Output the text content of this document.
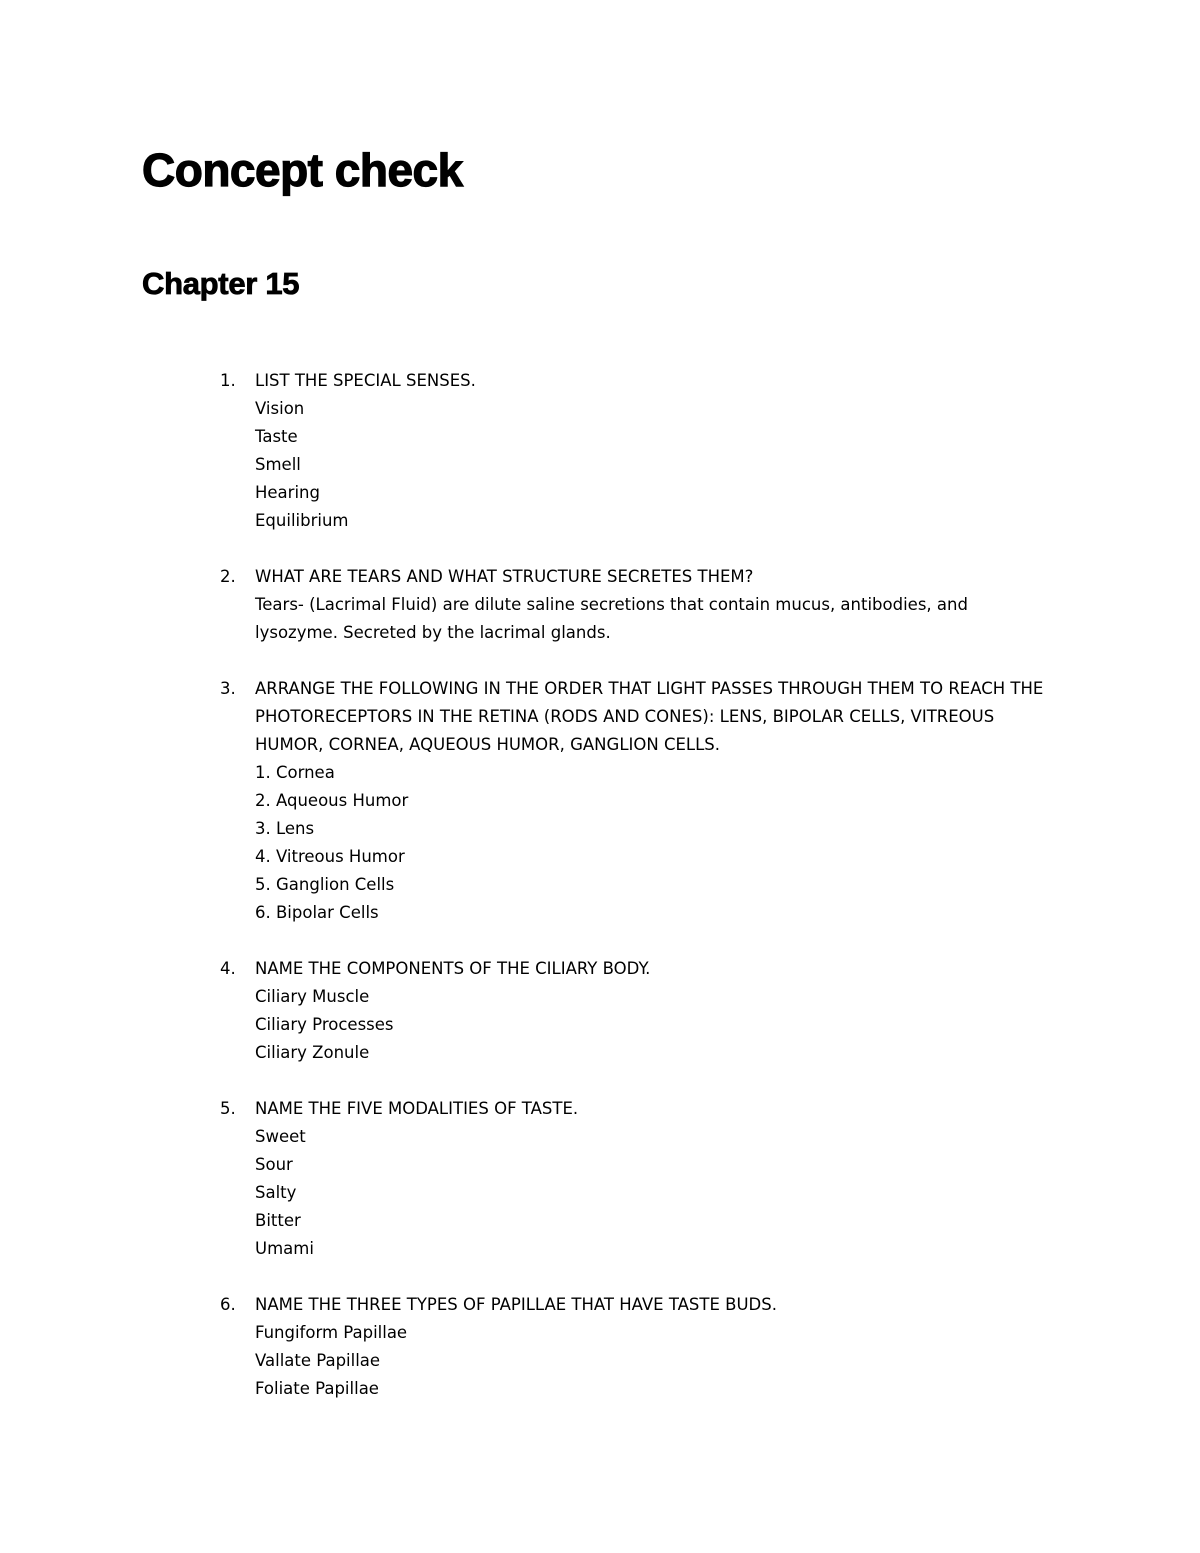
Concept check
Chapter 15
1. LIST THE SPECIAL SENSES.
Vision
Taste
Smell
Hearing
Equilibrium
2. WHAT ARE TEARS AND WHAT STRUCTURE SECRETES THEM?
Tears- (Lacrimal Fluid) are dilute saline secretions that contain mucus, antibodies, and lysozyme. Secreted by the lacrimal glands.
3. ARRANGE THE FOLLOWING IN THE ORDER THAT LIGHT PASSES THROUGH THEM TO REACH THE PHOTORECEPTORS IN THE RETINA (RODS AND CONES): LENS, BIPOLAR CELLS, VITREOUS HUMOR, CORNEA, AQUEOUS HUMOR, GANGLION CELLS.
1. Cornea
2. Aqueous Humor
3. Lens
4. Vitreous Humor
5. Ganglion Cells
6. Bipolar Cells
4. NAME THE COMPONENTS OF THE CILIARY BODY.
Ciliary Muscle
Ciliary Processes
Ciliary Zonule
5. NAME THE FIVE MODALITIES OF TASTE.
Sweet
Sour
Salty
Bitter
Umami
6. NAME THE THREE TYPES OF PAPILLAE THAT HAVE TASTE BUDS.
Fungiform Papillae
Vallate Papillae
Foliate Papillae
